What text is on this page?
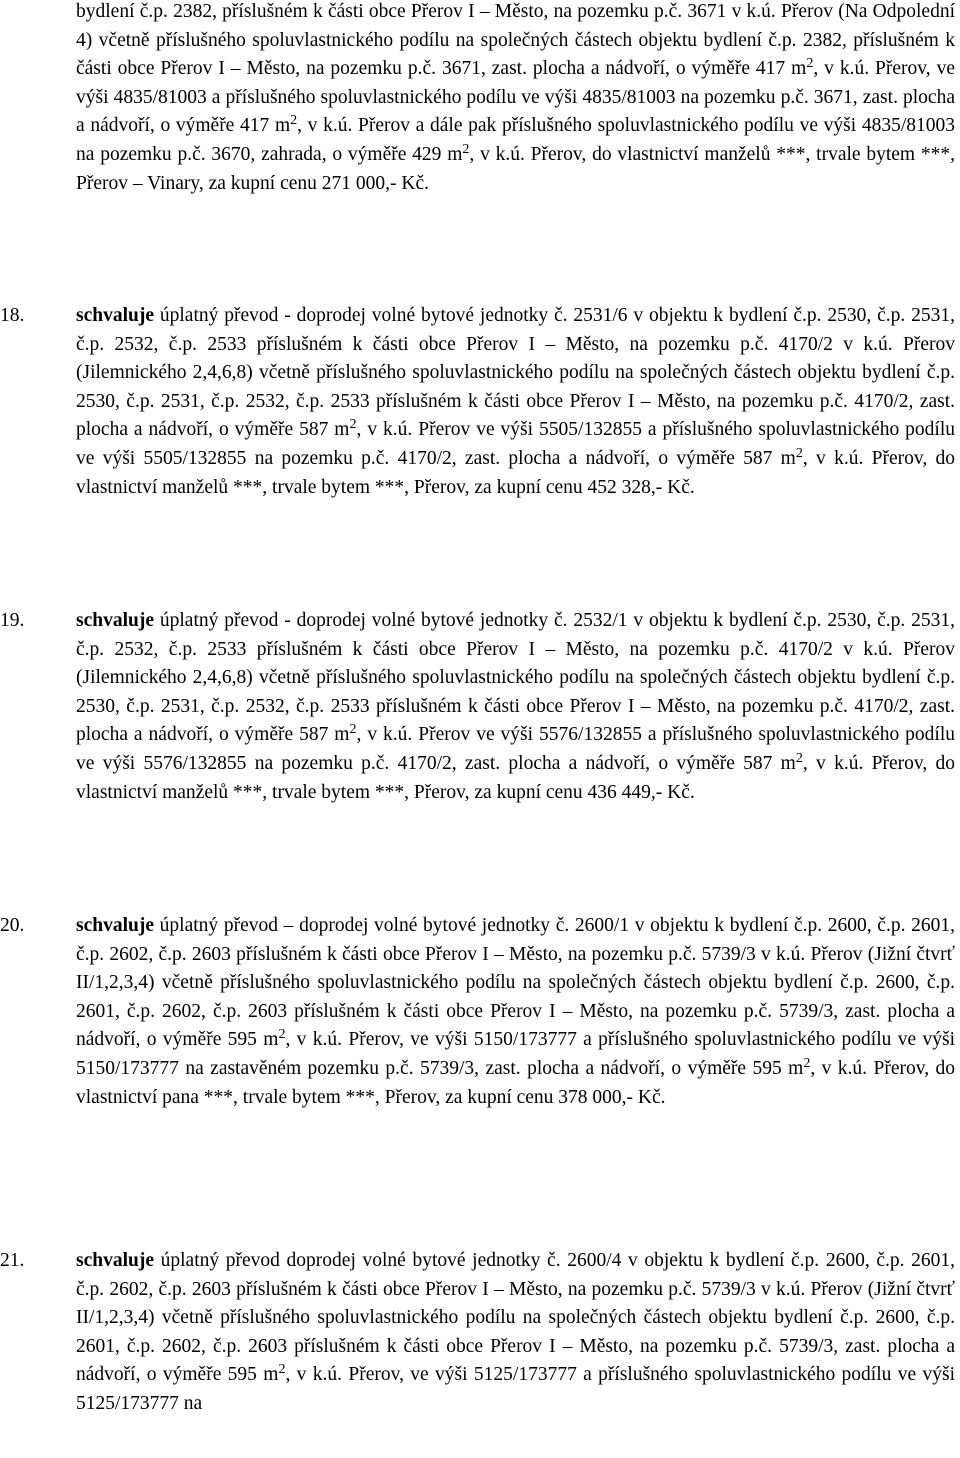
bydlení č.p. 2382, příslušném k části obce Přerov I – Město, na pozemku p.č. 3671 v k.ú. Přerov (Na Odpolední 4) včetně příslušného spoluvlastnického podílu na společných částech objektu bydlení č.p. 2382, příslušném k části obce Přerov I – Město, na pozemku p.č. 3671, zast. plocha a nádvoří, o výměře 417 $m^2$, v k.ú. Přerov, ve výši 4835/81003 a příslušného spoluvlastnického podílu ve výši 4835/81003 na pozemku p.č. 3671, zast. plocha a nádvoří, o výměře 417 $m^2$, v k.ú. Přerov a dále pak příslušného spoluvlastnického podílu ve výši 4835/81003 na pozemku p.č. 3670, zahrada, o výměře 429 $m^2$, v k.ú. Přerov, do vlastnictví manželů ***, trvale bytem ***, Přerov – Vinary, za kupní cenu 271 000,- Kč.

18.	schvaluje úplatný převod - doprodej volné bytové jednotky č. 2531/6 v objektu k bydlení č.p. 2530, č.p. 2531, č.p. 2532, č.p. 2533 příslušném k části obce Přerov I – Město, na pozemku p.č. 4170/2 v k.ú. Přerov (Jilemnického 2,4,6,8) včetně příslušného spoluvlastnického podílu na společných částech objektu bydlení č.p. 2530, č.p. 2531, č.p. 2532, č.p. 2533 příslušném k části obce Přerov I – Město, na pozemku p.č. 4170/2, zast. plocha a nádvoří, o výměře 587 $m^2$, v k.ú. Přerov ve výši 5505/132855 a příslušného spoluvlastnického podílu ve výši 5505/132855 na pozemku p.č. 4170/2, zast. plocha a nádvoří, o výměře 587 $m^2$, v k.ú. Přerov, do vlastnictví manželů ***, trvale bytem ***, Přerov, za kupní cenu 452 328,- Kč.

19.	schvaluje úplatný převod - doprodej volné bytové jednotky č. 2532/1 v objektu k bydlení č.p. 2530, č.p. 2531, č.p. 2532, č.p. 2533 příslušném k části obce Přerov I – Město, na pozemku p.č. 4170/2 v k.ú. Přerov (Jilemnického 2,4,6,8) včetně příslušného spoluvlastnického podílu na společných částech objektu bydlení č.p. 2530, č.p. 2531, č.p. 2532, č.p. 2533 příslušném k části obce Přerov I – Město, na pozemku p.č. 4170/2, zast. plocha a nádvoří, o výměře 587 $m^2$, v k.ú. Přerov ve výši 5576/132855 a příslušného spoluvlastnického podílu ve výši 5576/132855 na pozemku p.č. 4170/2, zast. plocha a nádvoří, o výměře 587 $m^2$, v k.ú. Přerov, do vlastnictví manželů ***, trvale bytem ***, Přerov, za kupní cenu 436 449,- Kč.

20.	schvaluje úplatný převod – doprodej volné bytové jednotky č. 2600/1 v objektu k bydlení č.p. 2600, č.p. 2601, č.p. 2602, č.p. 2603 příslušném k části obce Přerov I – Město, na pozemku p.č. 5739/3 v k.ú. Přerov (Jižní čtvrť II/1,2,3,4) včetně příslušného spoluvlastnického podílu na společných částech objektu bydlení č.p. 2600, č.p. 2601, č.p. 2602, č.p. 2603 příslušném k části obce Přerov I – Město, na pozemku p.č. 5739/3, zast. plocha a nádvoří, o výměře 595 $m^2$, v k.ú. Přerov, ve výši 5150/173777 a příslušného spoluvlastnického podílu ve výši 5150/173777 na zastavěném pozemku p.č. 5739/3, zast. plocha a nádvoří, o výměře 595 $m^2$, v k.ú. Přerov, do vlastnictví pana ***, trvale bytem ***, Přerov, za kupní cenu 378 000,- Kč.

21.	schvaluje úplatný převod doprodej volné bytové jednotky č. 2600/4 v objektu k bydlení č.p. 2600, č.p. 2601, č.p. 2602, č.p. 2603 příslušném k části obce Přerov I – Město, na pozemku p.č. 5739/3 v k.ú. Přerov (Jižní čtvrť II/1,2,3,4) včetně příslušného spoluvlastnického podílu na společných částech objektu bydlení č.p. 2600, č.p. 2601, č.p. 2602, č.p. 2603 příslušném k části obce Přerov I – Město, na pozemku p.č. 5739/3, zast. plocha a nádvoří, o výměře 595 $m^2$, v k.ú. Přerov, ve výši 5125/173777 a příslušného spoluvlastnického podílu ve výši 5125/173777 na
